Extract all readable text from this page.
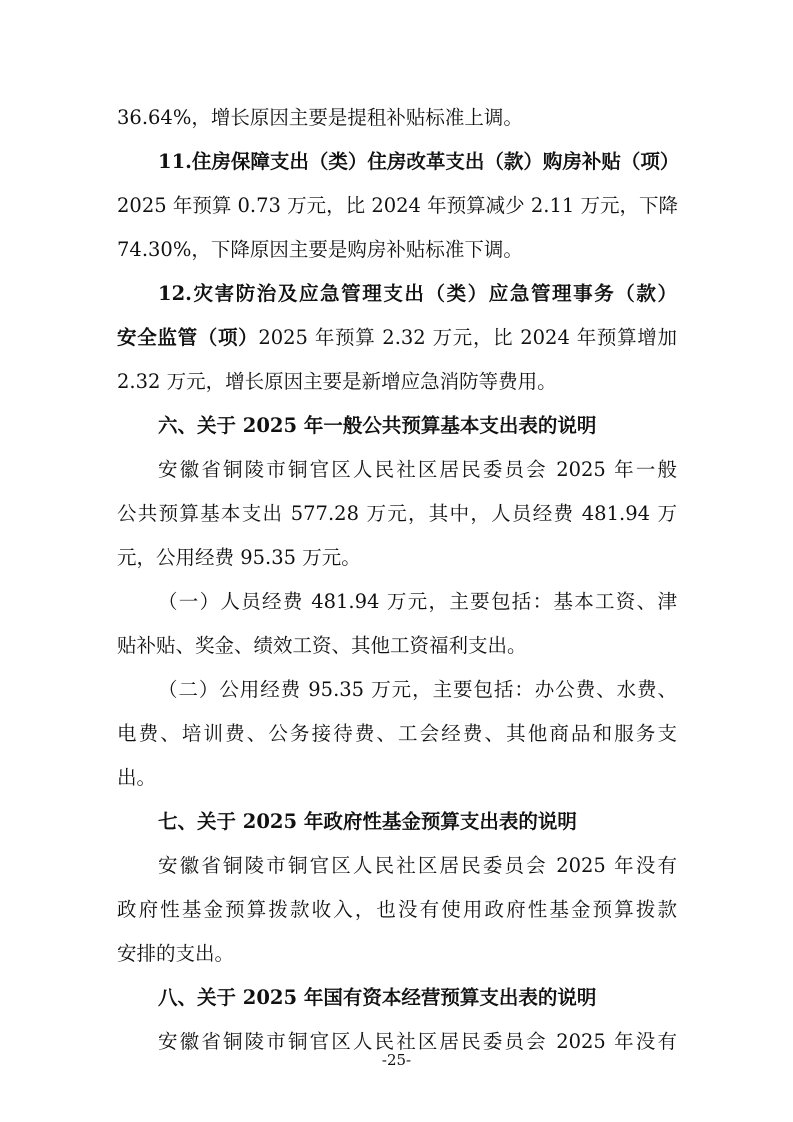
36.64%，增长原因主要是提租补贴标准上调。
11.住房保障支出（类）住房改革支出（款）购房补贴（项）
2025 年预算 0.73 万元，比 2024 年预算减少 2.11 万元，下降
74.30%，下降原因主要是购房补贴标准下调。
12.灾害防治及应急管理支出（类）应急管理事务（款）
安全监管（项）2025 年预算 2.32 万元，比 2024 年预算增加
2.32 万元，增长原因主要是新增应急消防等费用。
六、关于 2025 年一般公共预算基本支出表的说明
安徽省铜陵市铜官区人民社区居民委员会 2025 年一般
公共预算基本支出 577.28 万元，其中，人员经费 481.94 万
元，公用经费 95.35 万元。
（一）人员经费 481.94 万元，主要包括：基本工资、津
贴补贴、奖金、绩效工资、其他工资福利支出。
（二）公用经费 95.35 万元，主要包括：办公费、水费、
电费、培训费、公务接待费、工会经费、其他商品和服务支
出。
七、关于 2025 年政府性基金预算支出表的说明
安徽省铜陵市铜官区人民社区居民委员会 2025 年没有
政府性基金预算拨款收入，也没有使用政府性基金预算拨款
安排的支出。
八、关于 2025 年国有资本经营预算支出表的说明
安徽省铜陵市铜官区人民社区居民委员会 2025 年没有
-25-
